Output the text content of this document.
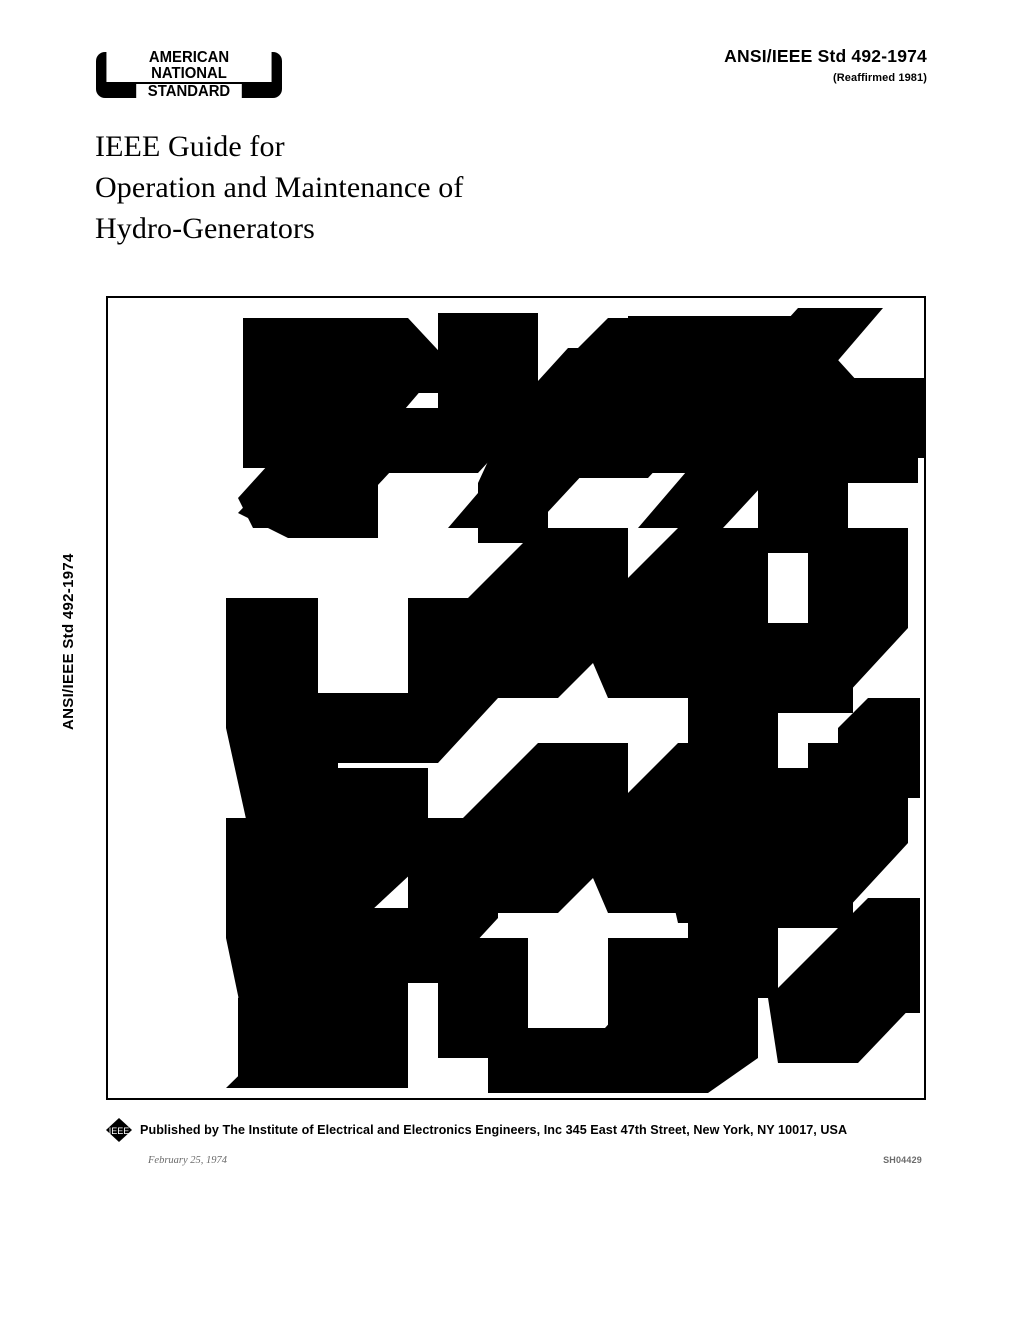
AMERICAN NATIONAL
STANDARD
ANSI/IEEE Std 492-1974
(Reaffirmed 1981)
IEEE Guide for
Operation and Maintenance of
Hydro-Generators
ANSI/IEEE Std 492-1974
IEEE Published by The Institute of Electrical and Electronics Engineers, Inc 345 East 47th Street, New York, NY 10017, USA
February 25, 1974	SH04429
